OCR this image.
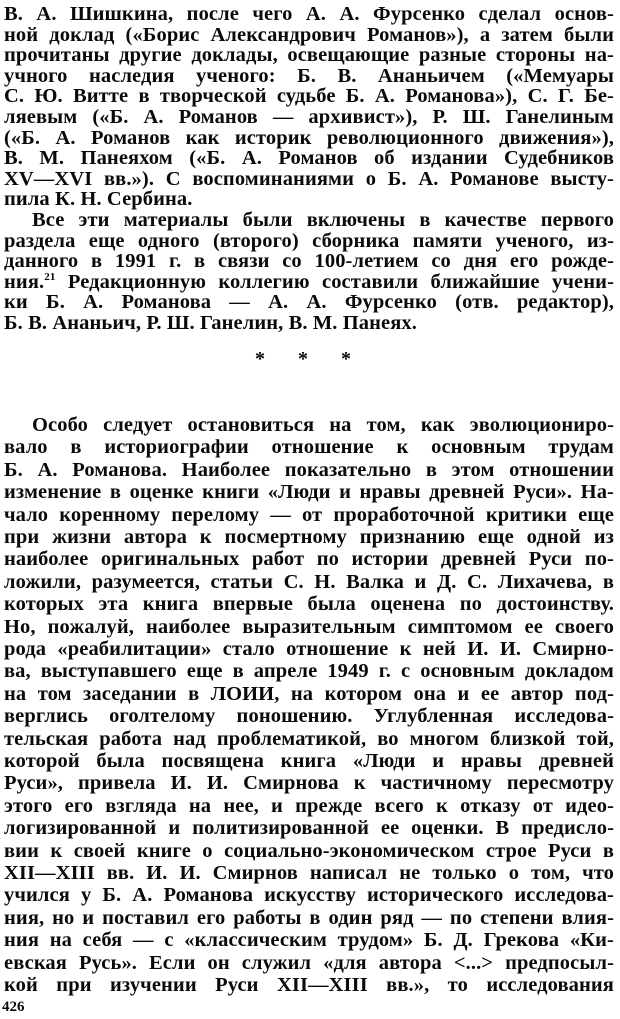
В. А. Шишкина, после чего А. А. Фурсенко сделал основ-
ной доклад («Борис Александрович Романов»), а затем были
прочитаны другие доклады, освещающие разные стороны на-
учного наследия ученого: Б. В. Ананьичем («Мемуары
С. Ю. Витте в творческой судьбе Б. А. Романова»), С. Г. Бе-
ляевым («Б. А. Романов — архивист»), Р. Ш. Ганелиным
(«Б. А. Романов как историк революционного движения»),
В. М. Панеяхом («Б. А. Романов об издании Судебников
XV—XVI вв.»). С воспоминаниями о Б. А. Романове высту-
пила К. Н. Сербина.
Все эти материалы были включены в качестве первого
раздела еще одного (второго) сборника памяти ученого, из-
данного в 1991 г. в связи со 100-летием со дня его рожде-
ния.$^{21}$ Редакционную коллегию составили ближайшие учени-
ки Б. А. Романова — А. А. Фурсенко (отв. редактор),
Б. В. Ананьич, Р. Ш. Ганелин, В. М. Панеях.
* * *
Особо следует остановиться на том, как эволюциониро-
вало в историографии отношение к основным трудам
Б. А. Романова. Наиболее показательно в этом отношении
изменение в оценке книги «Люди и нравы древней Руси». На-
чало коренному перелому — от проработочной критики еще
при жизни автора к посмертному признанию еще одной из
наиболее оригинальных работ по истории древней Руси по-
ложили, разумеется, статьи С. Н. Валка и Д. С. Лихачева, в
которых эта книга впервые была оценена по достоинству.
Но, пожалуй, наиболее выразительным симптомом ее своего
рода «реабилитации» стало отношение к ней И. И. Смирно-
ва, выступавшего еще в апреле 1949 г. с основным докладом
на том заседании в ЛОИИ, на котором она и ее автор под-
верглись оголтелому поношению. Углубленная исследова-
тельская работа над проблематикой, во многом близкой той,
которой была посвящена книга «Люди и нравы древней
Руси», привела И. И. Смирнова к частичному пересмотру
этого его взгляда на нее, и прежде всего к отказу от идео-
логизированной и политизированной ее оценки. В предисло-
вии к своей книге о социально-экономическом строе Руси в
XII—XIII вв. И. И. Смирнов написал не только о том, что
учился у Б. А. Романова искусству исторического исследова-
ния, но и поставил его работы в один ряд — по степени влия-
ния на себя — с «классическим трудом» Б. Д. Грекова «Ки-
евская Русь». Если он служил «для автора <...> предпосыл-
кой при изучении Руси XII—XIII вв.», то исследования
426
